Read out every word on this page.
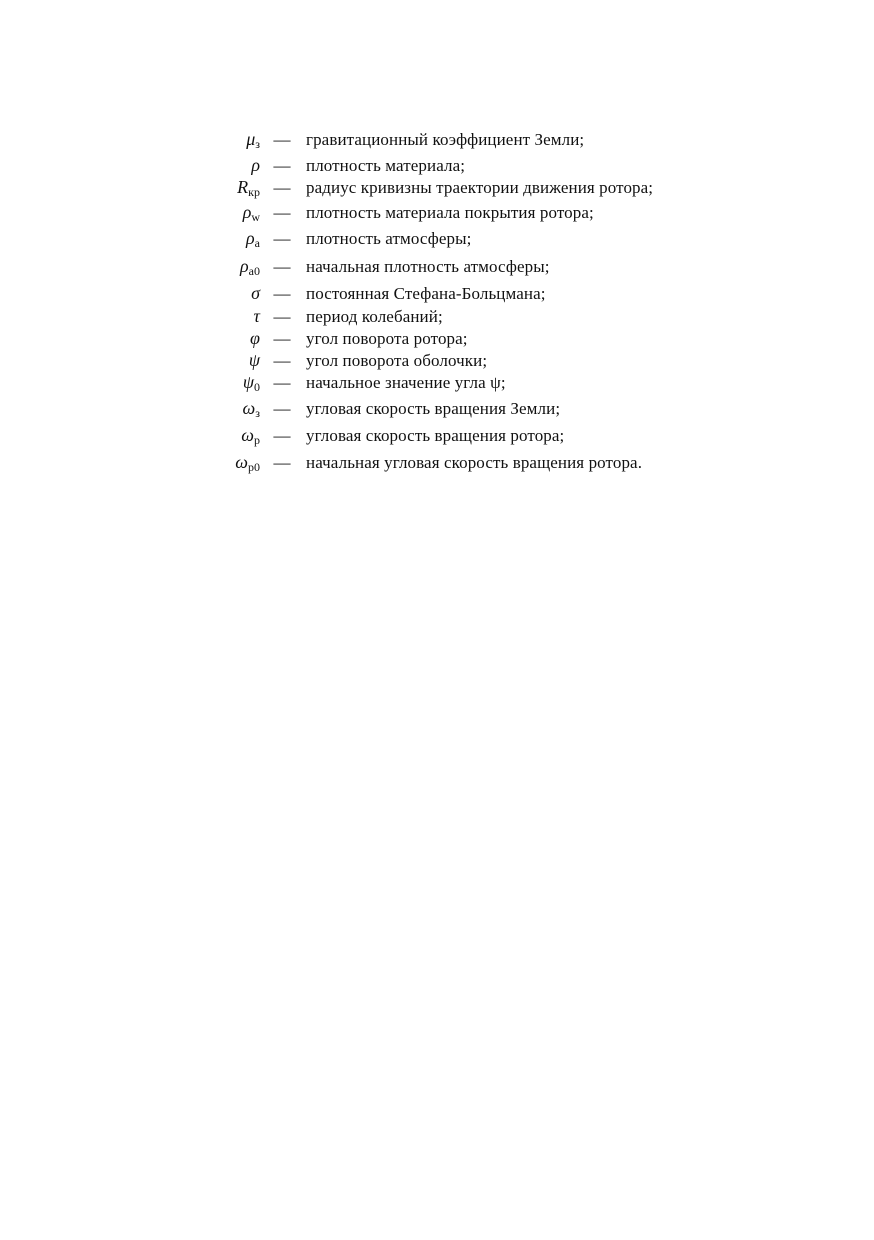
$\mu_з$ — гравитационный коэффициент Земли;
ρ — плотность материала;
$R_{кр}$ — радиус кривизны траектории движения ротора;
$\rho_w$ — плотность материала покрытия ротора;
$\rho_a$ — плотность атмосферы;
$\rho_{a0}$ — начальная плотность атмосферы;
σ — постоянная Стефана-Больцмана;
τ — период колебаний;
φ — угол поворота ротора;
ψ — угол поворота оболочки;
$\psi_0$ — начальное значение угла ψ;
$\omega_з$ — угловая скорость вращения Земли;
$\omega_р$ — угловая скорость вращения ротора;
$\omega_{р0}$ — начальная угловая скорость вращения ротора.
